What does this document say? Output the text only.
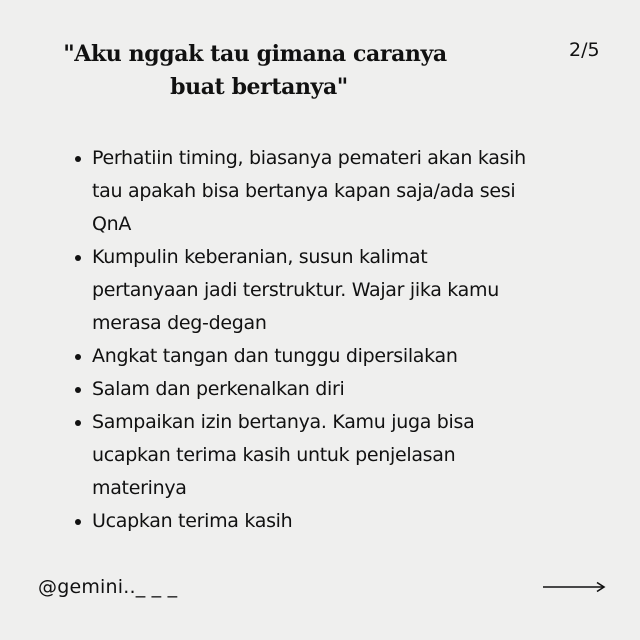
"Aku nggak tau gimana caranya
buat bertanya"
2/5
Perhatiin timing, biasanya pemateri akan kasih
tau apakah bisa bertanya kapan saja/ada sesi
QnA
Kumpulin keberanian, susun kalimat
pertanyaan jadi terstruktur. Wajar jika kamu
merasa deg-degan
Angkat tangan dan tunggu dipersilakan
Salam dan perkenalkan diri
Sampaikan izin bertanya. Kamu juga bisa
ucapkan terima kasih untuk penjelasan
materinya
Ucapkan terima kasih
@gemini.._ _ _
